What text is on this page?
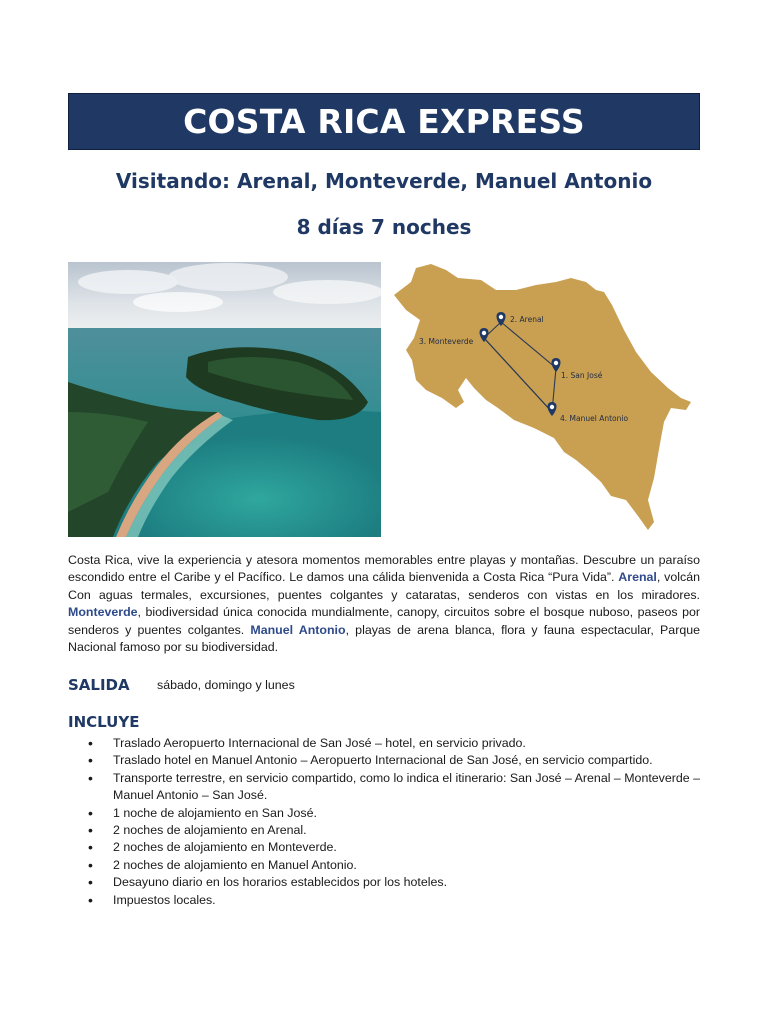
COSTA RICA EXPRESS
Visitando: Arenal, Monteverde, Manuel Antonio
8 días 7 noches
2. Arenal
3. Monteverde
1. San José
4. Manuel Antonio
Costa Rica, vive la experiencia y atesora momentos memorables entre playas y montañas. Descubre un paraíso escondido entre el Caribe y el Pacífico. Le damos una cálida bienvenida a Costa Rica “Pura Vida”. Arenal, volcán Con aguas termales, excursiones, puentes colgantes y cataratas, senderos con vistas en los miradores. Monteverde, biodiversidad única conocida mundialmente, canopy, circuitos sobre el bosque nuboso, paseos por senderos y puentes colgantes. Manuel Antonio, playas de arena blanca, flora y fauna espectacular, Parque Nacional famoso por su biodiversidad.
SALIDA sábado, domingo y lunes
INCLUYE
• Traslado Aeropuerto Internacional de San José – hotel, en servicio privado.
• Traslado hotel en Manuel Antonio – Aeropuerto Internacional de San José, en servicio compartido.
• Transporte terrestre, en servicio compartido, como lo indica el itinerario: San José – Arenal – Monteverde – Manuel Antonio – San José.
• 1 noche de alojamiento en San José.
• 2 noches de alojamiento en Arenal.
• 2 noches de alojamiento en Monteverde.
• 2 noches de alojamiento en Manuel Antonio.
• Desayuno diario en los horarios establecidos por los hoteles.
• Impuestos locales.
